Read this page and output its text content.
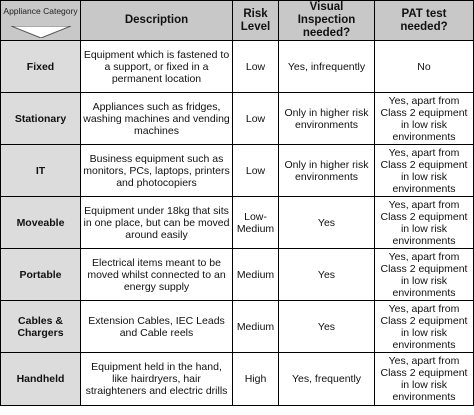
Appliance Category	Description	Risk Level	Visual Inspection needed?	PAT test needed?
Fixed	Equipment which is fastened to a support, or fixed in a permanent location	Low	Yes, infrequently	No
Stationary	Appliances such as fridges, washing machines and vending machines	Low	Only in higher risk environments	Yes, apart from Class 2 equipment in low risk environments
IT	Business equipment such as monitors, PCs, laptops, printers and photocopiers	Low	Only in higher risk environments	Yes, apart from Class 2 equipment in low risk environments
Moveable	Equipment under 18kg that sits in one place, but can be moved around easily	Low-Medium	Yes	Yes, apart from Class 2 equipment in low risk environments
Portable	Electrical items meant to be moved whilst connected to an energy supply	Medium	Yes	Yes, apart from Class 2 equipment in low risk environments
Cables & Chargers	Extension Cables, IEC Leads and Cable reels	Medium	Yes	Yes, apart from Class 2 equipment in low risk environments
Handheld	Equipment held in the hand, like hairdryers, hair straighteners and electric drills	High	Yes, frequently	Yes, apart from Class 2 equipment in low risk environments
